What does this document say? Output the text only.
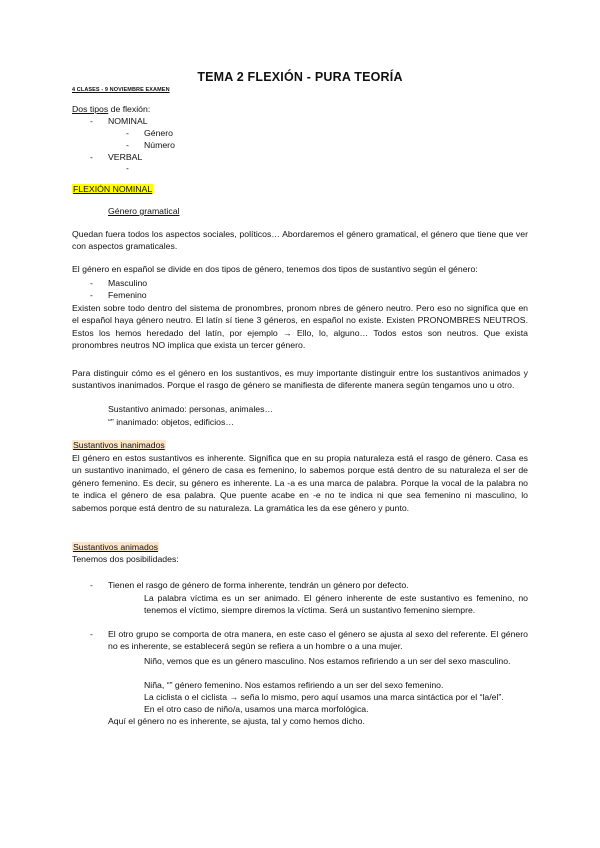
TEMA 2 FLEXIÓN - PURA TEORÍA
4 CLASES - 9 NOVIEMBRE EXAMEN
Dos tipos de flexión:
- NOMINAL
- Género
- Número
- VERBAL
-
FLEXIÓN NOMINAL
Género gramatical
Quedan fuera todos los aspectos sociales, políticos… Abordaremos el género gramatical, el género que tiene que ver con aspectos gramaticales.
El género en español se divide en dos tipos de género, tenemos dos tipos de sustantivo según el género:
- Masculino
- Femenino
Existen sobre todo dentro del sistema de pronombres, pronom nbres de género neutro. Pero eso no significa que en el español haya género neutro. El latín sí tiene 3 géneros, en español no existe. Existen PRONOMBRES NEUTROS. Estos los hemos heredado del latín, por ejemplo → Ello, lo, alguno… Todos estos son neutros. Que exista pronombres neutros NO implica que exista un tercer género.
Para distinguir cómo es el género en los sustantivos, es muy importante distinguir entre los sustantivos animados y sustantivos inanimados. Porque el rasgo de género se manifiesta de diferente manera según tengamos uno u otro.
Sustantivo animado: personas, animales…
“” inanimado: objetos, edificios…
Sustantivos inanimados
El género en estos sustantivos es inherente. Significa que en su propia naturaleza está el rasgo de género. Casa es un sustantivo inanimado, el género de casa es femenino, lo sabemos porque está dentro de su naturaleza el ser de género femenino. Es decir, su género es inherente. La -a es una marca de palabra. Porque la vocal de la palabra no te indica el género de esa palabra. Que puente acabe en -e no te indica ni que sea femenino ni masculino, lo sabemos porque está dentro de su naturaleza. La gramática les da ese género y punto.
Sustantivos animados
Tenemos dos posibilidades:
- Tienen el rasgo de género de forma inherente, tendrán un género por defecto.
La palabra víctima es un ser animado. El género inherente de este sustantivo es femenino, no tenemos el víctimo, siempre diremos la víctima. Será un sustantivo femenino siempre.
- El otro grupo se comporta de otra manera, en este caso el género se ajusta al sexo del referente. El género no es inherente, se establecerá según se refiera a un hombre o a una mujer.
Niño, vemos que es un género masculino. Nos estamos refiriendo a un ser del sexo masculino.
Niña, “” género femenino. Nos estamos refiriendo a un ser del sexo femenino.
La ciclista o el ciclista → seña lo mismo, pero aquí usamos una marca sintáctica por el “la/el”.
En el otro caso de niño/a, usamos una marca morfológica.
Aquí el género no es inherente, se ajusta, tal y como hemos dicho.
